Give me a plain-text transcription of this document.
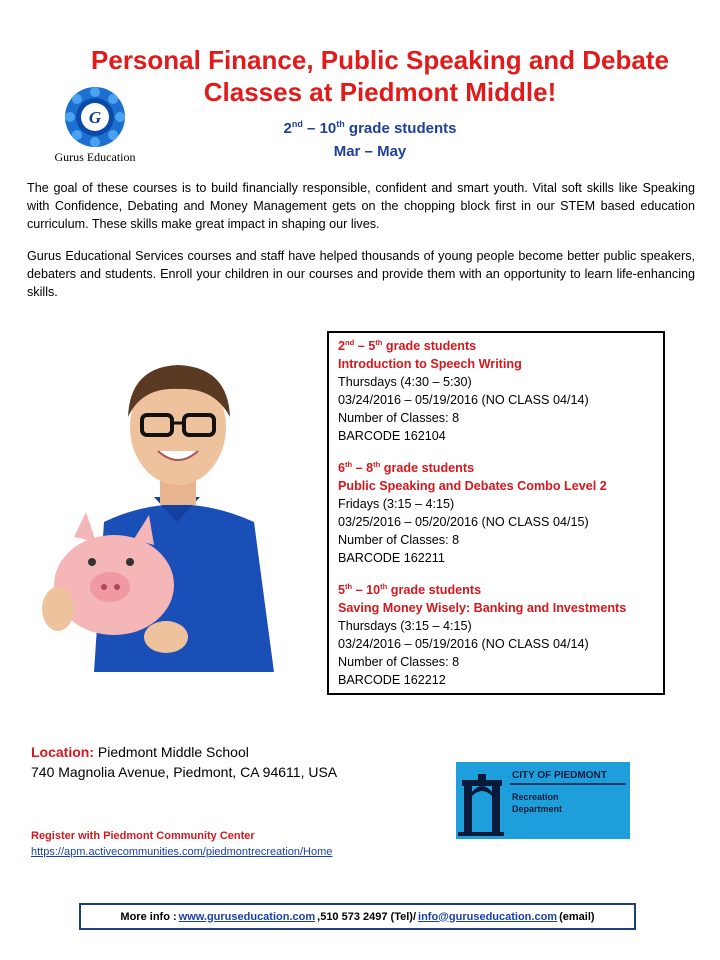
G
Gurus Education
Personal Finance, Public Speaking and Debate
Classes at Piedmont Middle!
2nd – 10th grade students
Mar – May

The goal of these courses is to build financially responsible, confident and smart youth. Vital soft skills like Speaking with Confidence, Debating and Money Management gets on the chopping block first in our STEM based education curriculum. These skills make great impact in shaping our lives.

Gurus Educational Services courses and staff have helped thousands of young people become better public speakers, debaters and students. Enroll your children in our courses and provide them with an opportunity to learn life-enhancing skills.

2nd – 5th grade students
Introduction to Speech Writing
Thursdays (4:30 – 5:30)
03/24/2016 – 05/19/2016 (NO CLASS 04/14)
Number of Classes: 8
BARCODE 162104
6th – 8th grade students
Public Speaking and Debates Combo Level 2
Fridays (3:15 – 4:15)
03/25/2016 – 05/20/2016 (NO CLASS 04/15)
Number of Classes: 8
BARCODE 162211
5th – 10th grade students
Saving Money Wisely: Banking and Investments
Thursdays (3:15 – 4:15)
03/24/2016 – 05/19/2016 (NO CLASS 04/14)
Number of Classes: 8
BARCODE 162212
Location: Piedmont Middle School
740 Magnolia Avenue, Piedmont, CA 94611, USA
Register with Piedmont Community Center
https://apm.activecommunities.com/piedmontrecreation/Home
CITY OF PIEDMONT
Recreation
Department
More info : www.guruseducation.com ,510 573 2497 (Tel)/ info@guruseducation.com (email)
